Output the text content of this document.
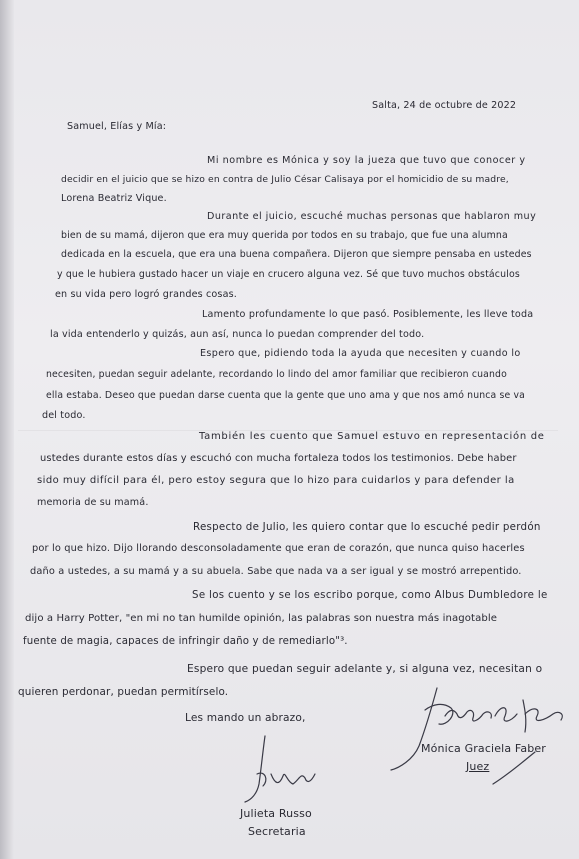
Salta, 24 de octubre de 2022
Samuel, Elías y Mía:
Mi nombre es Mónica y soy la jueza que tuvo que conocer y
decidir en el juicio que se hizo en contra de Julio César Calisaya por el homicidio de su madre,
Lorena Beatriz Vique.
Durante el juicio, escuché muchas personas que hablaron muy
bien de su mamá, dijeron que era muy querida por todos en su trabajo, que fue una alumna
dedicada en la escuela, que era una buena compañera. Dijeron que siempre pensaba en ustedes
y que le hubiera gustado hacer un viaje en crucero alguna vez. Sé que tuvo muchos obstáculos
en su vida pero logró grandes cosas.
Lamento profundamente lo que pasó. Posiblemente, les lleve toda
la vida entenderlo y quizás, aun así, nunca lo puedan comprender del todo.
Espero que, pidiendo toda la ayuda que necesiten y cuando lo
necesiten, puedan seguir adelante, recordando lo lindo del amor familiar que recibieron cuando
ella estaba. Deseo que puedan darse cuenta que la gente que uno ama y que nos amó nunca se va
del todo.
También les cuento que Samuel estuvo en representación de
ustedes durante estos días y escuchó con mucha fortaleza todos los testimonios. Debe haber
sido muy difícil para él, pero estoy segura que lo hizo para cuidarlos y para defender la
memoria de su mamá.
Respecto de Julio, les quiero contar que lo escuché pedir perdón
por lo que hizo. Dijo llorando desconsoladamente que eran de corazón, que nunca quiso hacerles
daño a ustedes, a su mamá y a su abuela. Sabe que nada va a ser igual y se mostró arrepentido.
Se los cuento y se los escribo porque, como Albus Dumbledore le
dijo a Harry Potter, "en mi no tan humilde opinión, las palabras son nuestra más inagotable
fuente de magia, capaces de infringir daño y de remediarlo"³.
Espero que puedan seguir adelante y, si alguna vez, necesitan o
quieren perdonar, puedan permitírselo.
Les mando un abrazo,
Mónica Graciela Faber
Juez
Julieta Russo
Secretaria
